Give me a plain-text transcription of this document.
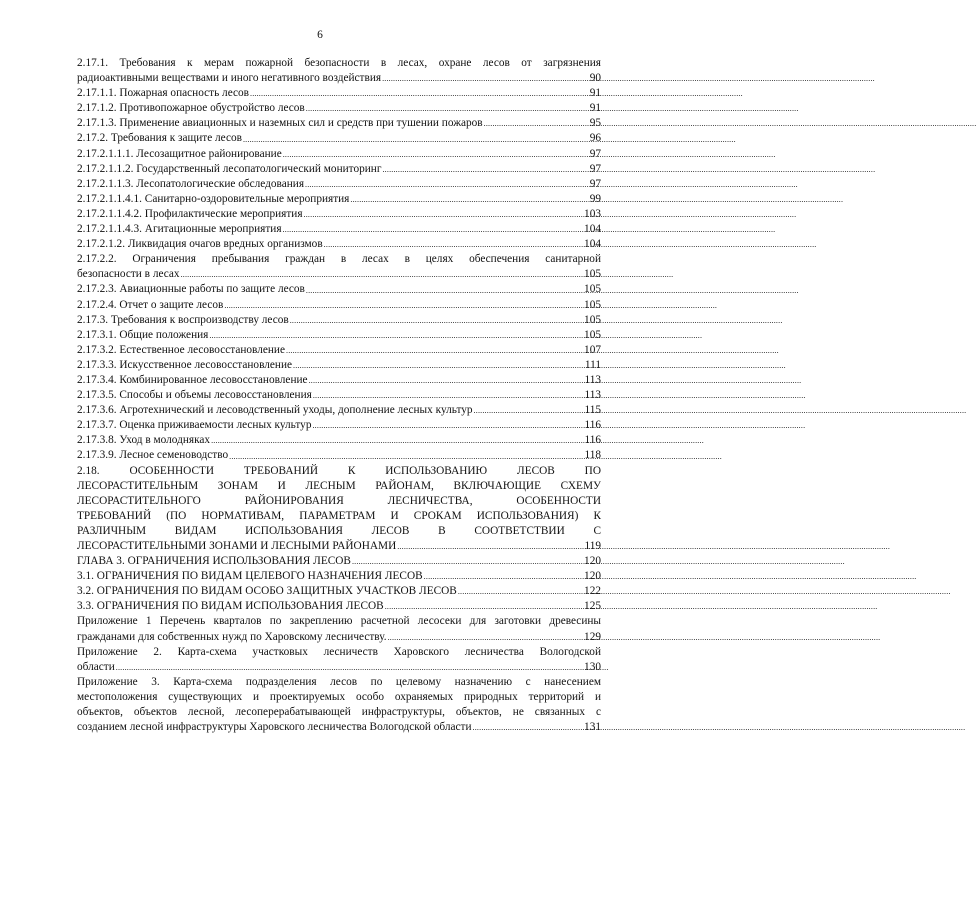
6
2.17.1. Требования к мерам пожарной безопасности в лесах, охране лесов от загрязнения
радиоактивными веществами и иного негативного воздействия .....	90
2.17.1.1. Пожарная опасность лесов .....	91
2.17.1.2. Противопожарное обустройство лесов .....	91
2.17.1.3. Применение авиационных и наземных сил и средств при тушении пожаров .....	95
2.17.2. Требования к защите лесов .....	96
2.17.2.1.1.1. Лесозащитное районирование .....	97
2.17.2.1.1.2. Государственный лесопатологический мониторинг .....	97
2.17.2.1.1.3. Лесопатологические обследования .....	97
2.17.2.1.1.4.1. Санитарно-оздоровительные мероприятия .....	99
2.17.2.1.1.4.2. Профилактические мероприятия .....	103
2.17.2.1.1.4.3. Агитационные мероприятия .....	104
2.17.2.1.2. Ликвидация очагов вредных организмов .....	104
2.17.2.2. Ограничения пребывания граждан в лесах в целях обеспечения санитарной
безопасности в лесах .....	105
2.17.2.3. Авиационные работы по защите лесов .....	105
2.17.2.4. Отчет о защите лесов .....	105
2.17.3. Требования к воспроизводству лесов .....	105
2.17.3.1. Общие положения .....	105
2.17.3.2. Естественное лесовосстановление .....	107
2.17.3.3. Искусственное лесовосстановление .....	111
2.17.3.4. Комбинированное лесовосстановление .....	113
2.17.3.5. Способы и объемы лесовосстановления .....	113
2.17.3.6. Агротехнический и лесоводственный уходы, дополнение лесных культур .....	115
2.17.3.7. Оценка приживаемости лесных культур .....	116
2.17.3.8. Уход в молодняках .....	116
2.17.3.9. Лесное семеноводство .....	118
2.18. ОСОБЕННОСТИ ТРЕБОВАНИЙ К ИСПОЛЬЗОВАНИЮ ЛЕСОВ ПО
ЛЕСОРАСТИТЕЛЬНЫМ ЗОНАМ И ЛЕСНЫМ РАЙОНАМ, ВКЛЮЧАЮЩИЕ СХЕМУ
ЛЕСОРАСТИТЕЛЬНОГО РАЙОНИРОВАНИЯ ЛЕСНИЧЕСТВА, ОСОБЕННОСТИ
ТРЕБОВАНИЙ (ПО НОРМАТИВАМ, ПАРАМЕТРАМ И СРОКАМ ИСПОЛЬЗОВАНИЯ) К
РАЗЛИЧНЫМ ВИДАМ ИСПОЛЬЗОВАНИЯ ЛЕСОВ В СООТВЕТСТВИИ С
ЛЕСОРАСТИТЕЛЬНЫМИ ЗОНАМИ И ЛЕСНЫМИ РАЙОНАМИ .....	119
ГЛАВА 3. ОГРАНИЧЕНИЯ ИСПОЛЬЗОВАНИЯ ЛЕСОВ .....	120
3.1. ОГРАНИЧЕНИЯ ПО ВИДАМ ЦЕЛЕВОГО НАЗНАЧЕНИЯ ЛЕСОВ .....	120
3.2. ОГРАНИЧЕНИЯ ПО ВИДАМ ОСОБО ЗАЩИТНЫХ УЧАСТКОВ ЛЕСОВ .....	122
3.3. ОГРАНИЧЕНИЯ ПО ВИДАМ ИСПОЛЬЗОВАНИЯ ЛЕСОВ .....	125
Приложение 1 Перечень кварталов по закреплению расчетной лесосеки для заготовки древесины
гражданами для собственных нужд по Харовскому лесничеству. .....	129
Приложение 2. Карта-схема участковых лесничеств Харовского лесничества Вологодской
области .....	130
Приложение 3. Карта-схема подразделения лесов по целевому назначению с нанесением
местоположения существующих и проектируемых особо охраняемых природных территорий и
объектов, объектов лесной, лесоперерабатывающей инфраструктуры, объектов, не связанных с
созданием лесной инфраструктуры Харовского лесничества Вологодской области .....	131
